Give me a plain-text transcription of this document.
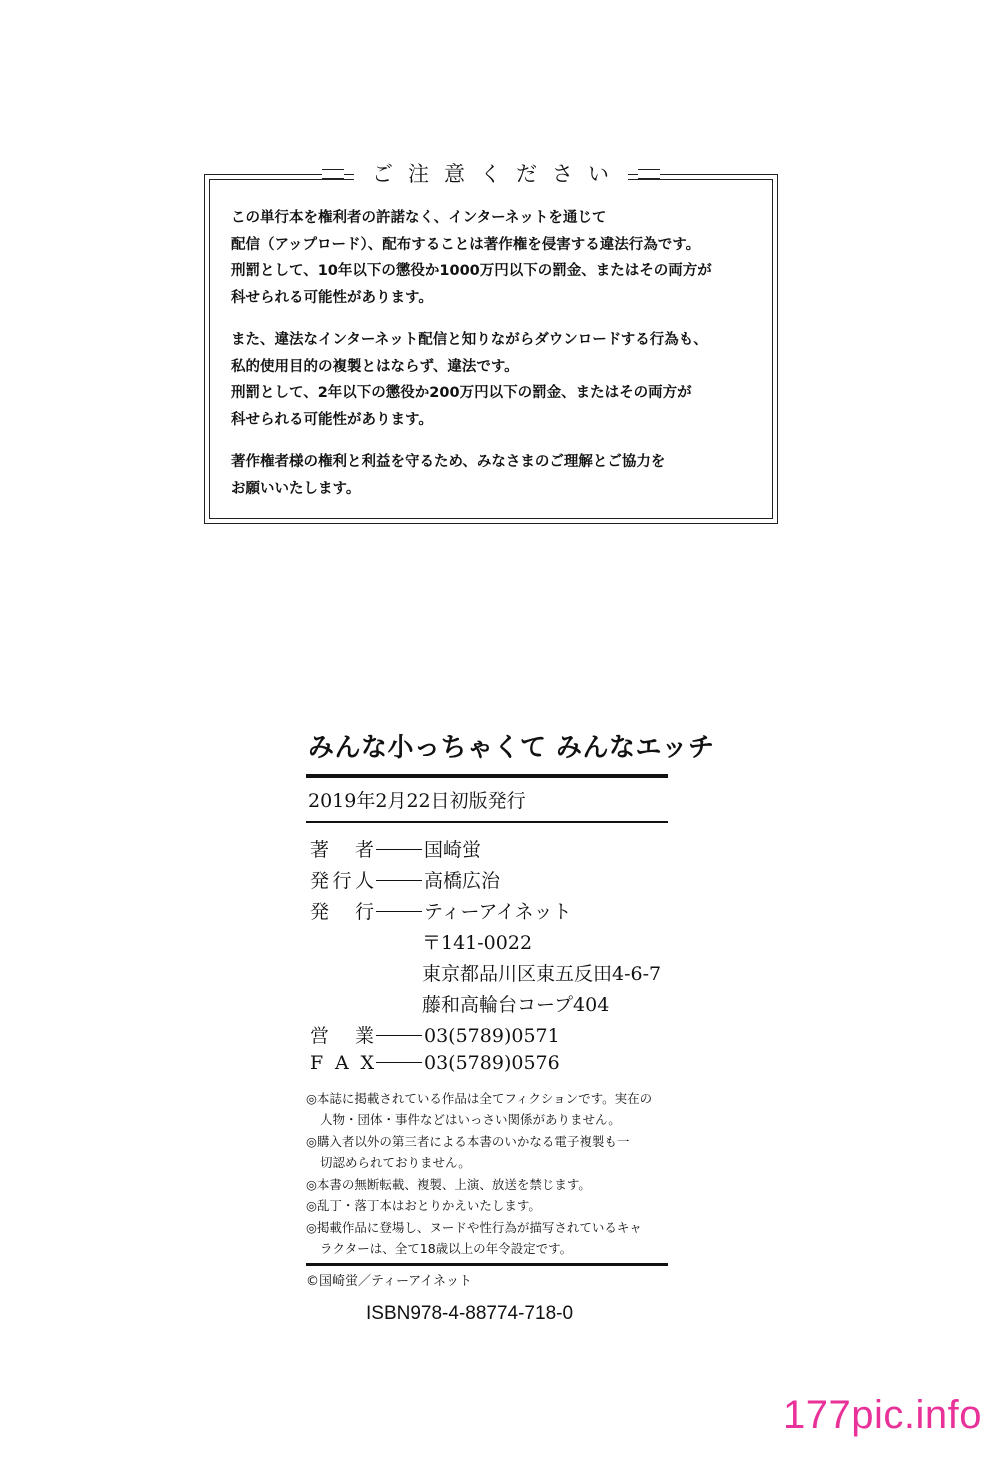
ご注意ください
この単行本を権利者の許諾なく、インターネットを通じて
配信（アップロード）、配布することは著作権を侵害する違法行為です。
刑罰として、10年以下の懲役か1000万円以下の罰金、またはその両方が
科せられる可能性があります。
また、違法なインターネット配信と知りながらダウンロードする行為も、
私的使用目的の複製とはならず、違法です。
刑罰として、2年以下の懲役か200万円以下の罰金、またはその両方が
科せられる可能性があります。
著作権者様の権利と利益を守るため、みなさまのご理解とご協力を
お願いいたします。
みんな小っちゃくて みんなエッチ
2019年2月22日初版発行
著 者	国崎蛍
発行人	高橋広治
発 行	ティーアイネット
〒141-0022
東京都品川区東五反田4-6-7
藤和高輪台コープ404
営 業	03(5789)0571
F A X	03(5789)0576
◎本誌に掲載されている作品は全てフィクションです。実在の
人物・団体・事件などはいっさい関係がありません。
◎購入者以外の第三者による本書のいかなる電子複製も一
切認められておりません。
◎本書の無断転載、複製、上演、放送を禁じます。
◎乱丁・落丁本はおとりかえいたします。
◎掲載作品に登場し、ヌードや性行為が描写されているキャ
ラクターは、全て18歳以上の年令設定です。
©国崎蛍／ティーアイネット
ISBN978-4-88774-718-0
177pic.info
